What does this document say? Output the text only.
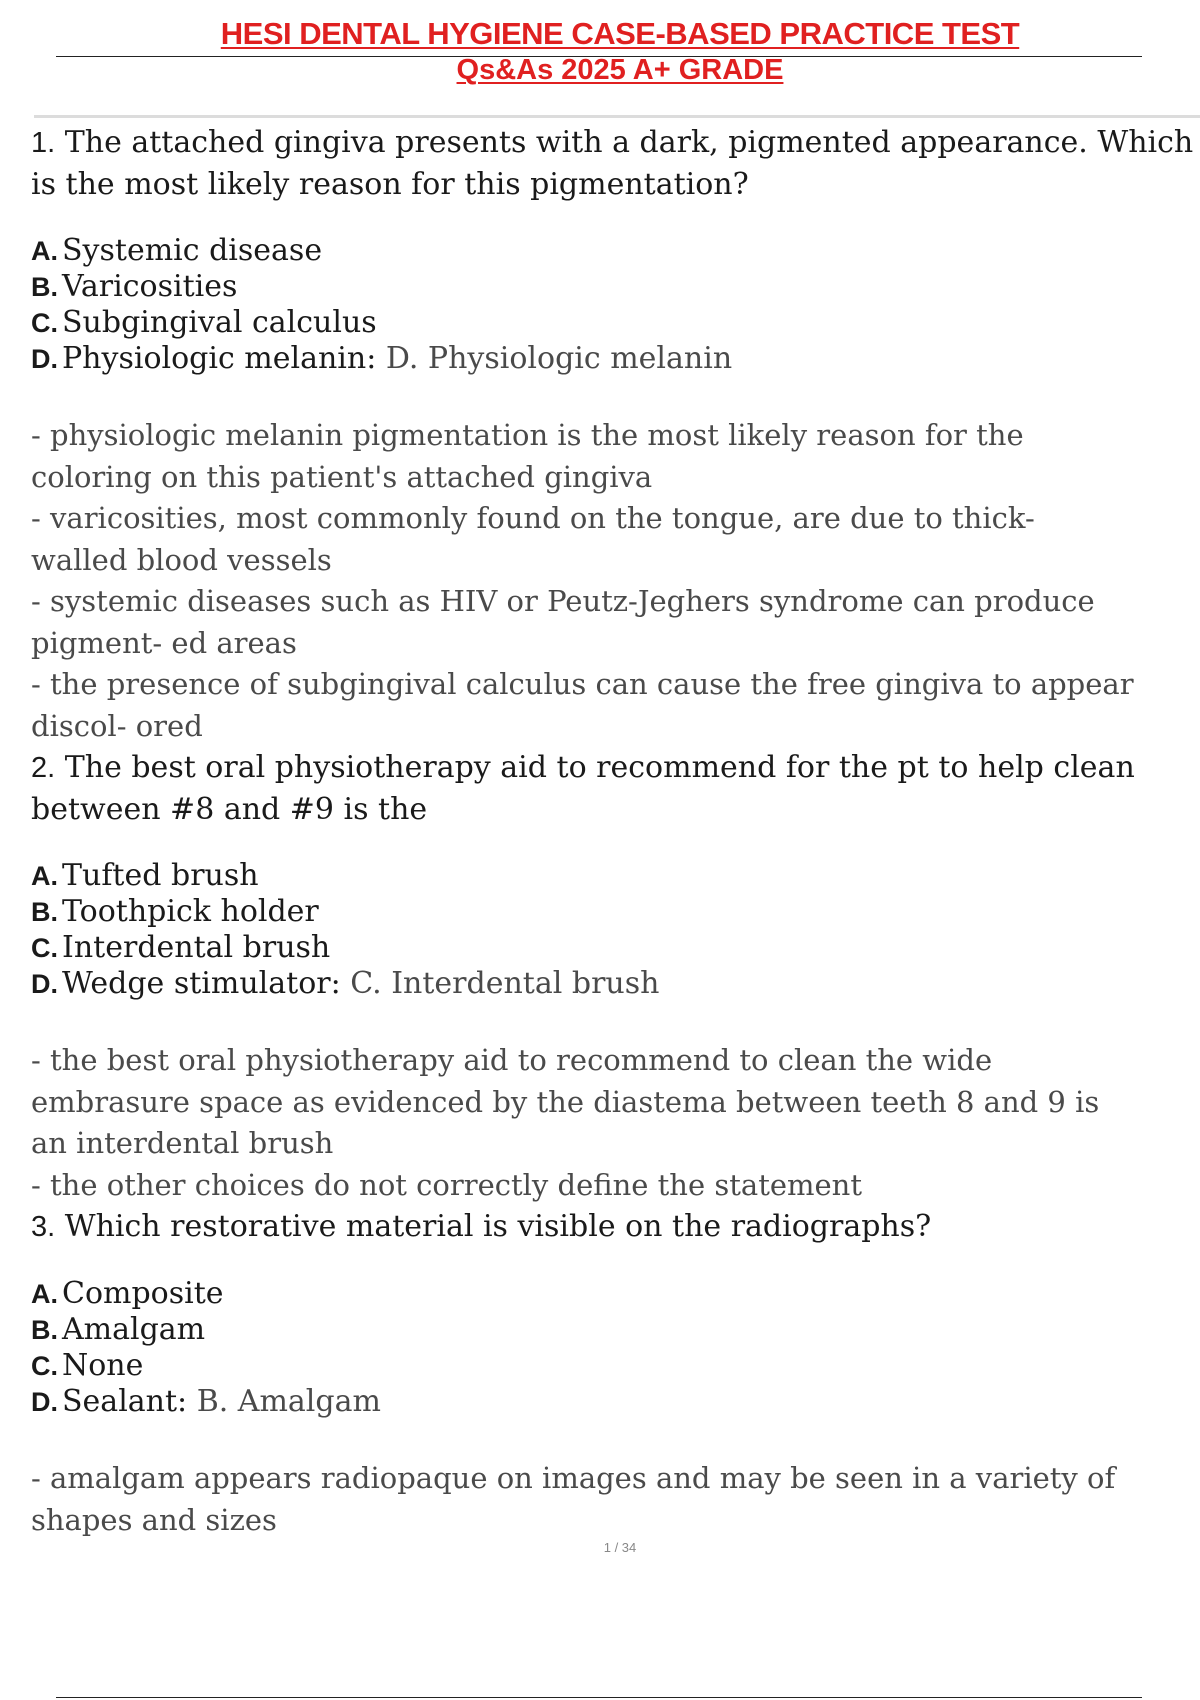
HESI DENTAL HYGIENE CASE-BASED PRACTICE TEST
Qs&As 2025 A+ GRADE

1. The attached gingiva presents with a dark, pigmented appearance. Which is the most likely reason for this pigmentation?

A. Systemic disease
B. Varicosities
C. Subgingival calculus
D. Physiologic melanin: D. Physiologic melanin
- physiologic melanin pigmentation is the most likely reason for the
coloring on this patient's attached gingiva
- varicosities, most commonly found on the tongue, are due to thick-
walled blood vessels
- systemic diseases such as HIV or Peutz-Jeghers syndrome can produce
pigment- ed areas
- the presence of subgingival calculus can cause the free gingiva to appear
discol- ored

2. The best oral physiotherapy aid to recommend for the pt to help clean between #8 and #9 is the

A. Tufted brush
B. Toothpick holder
C. Interdental brush
D. Wedge stimulator: C. Interdental brush
- the best oral physiotherapy aid to recommend to clean the wide
embrasure space as evidenced by the diastema between teeth 8 and 9 is
an interdental brush
- the other choices do not correctly define the statement

3. Which restorative material is visible on the radiographs?

A. Composite
B. Amalgam
C. None
D. Sealant: B. Amalgam
- amalgam appears radiopaque on images and may be seen in a variety of
shapes and sizes
1 / 34
